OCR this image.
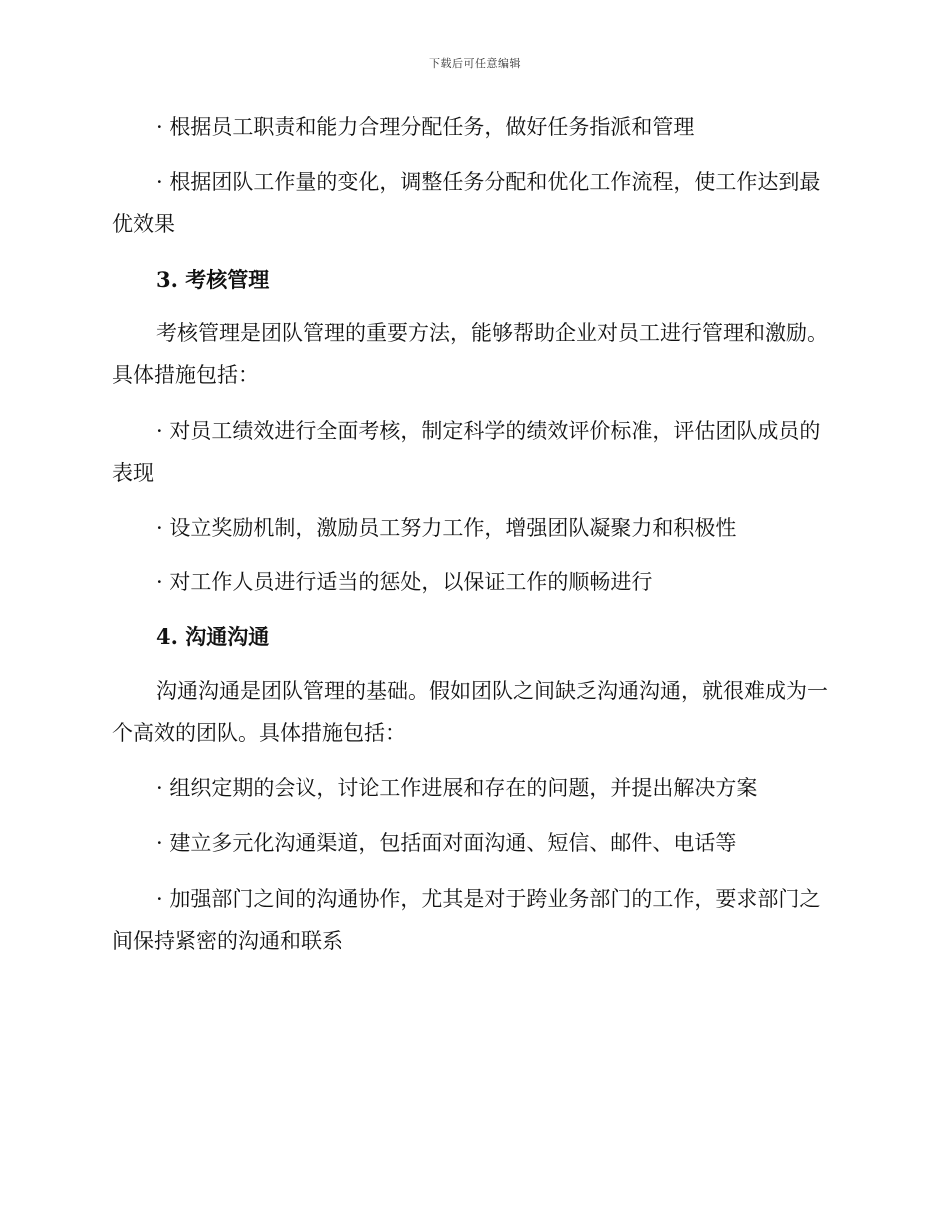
下载后可任意编辑

· 根据员工职责和能力合理分配任务，做好任务指派和管理

· 根据团队工作量的变化，调整任务分配和优化工作流程，使工作达到最优效果

3. 考核管理

考核管理是团队管理的重要方法，能够帮助企业对员工进行管理和激励。具体措施包括：

· 对员工绩效进行全面考核，制定科学的绩效评价标准，评估团队成员的表现

· 设立奖励机制，激励员工努力工作，增强团队凝聚力和积极性

· 对工作人员进行适当的惩处，以保证工作的顺畅进行

4. 沟通沟通

沟通沟通是团队管理的基础。假如团队之间缺乏沟通沟通，就很难成为一个高效的团队。具体措施包括：

· 组织定期的会议，讨论工作进展和存在的问题，并提出解决方案

· 建立多元化沟通渠道，包括面对面沟通、短信、邮件、电话等

· 加强部门之间的沟通协作，尤其是对于跨业务部门的工作，要求部门之间保持紧密的沟通和联系
